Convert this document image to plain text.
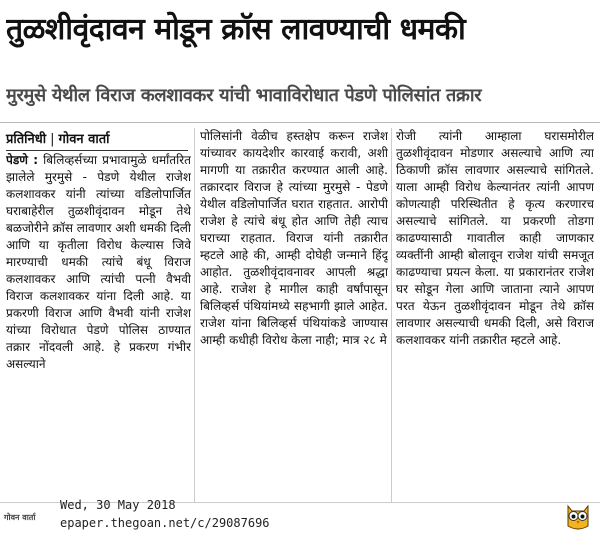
तुळशीवृंदावन मोडून क्रॉस लावण्याची धमकी
मुरमुसे येथील विराज कलशावकर यांची भावाविरोधात पेडणे पोलिसांत तक्रार
प्रतिनिधी | गोवन वार्ता

पेडणे : बिलिव्हर्सच्या प्रभावामुळे धर्मांतरित झालेले मुरमुसे - पेडणे येथील राजेश कलशावकर यांनी त्यांच्या वडिलोपार्जित घराबाहेरील तुळशीवृंदावन मोडून तेथे बळजोरीने क्रॉस लावणार अशी धमकी दिली आणि या कृतीला विरोध केल्यास जिवे मारण्याची धमकी त्यांचे बंधू विराज कलशावकर आणि त्यांची पत्नी वैभवी विराज कलशावकर यांना दिली आहे. या प्रकरणी विराज आणि वैभवी यांनी राजेश यांच्या विरोधात पेडणे पोलिस ठाण्यात तक्रार नोंदवली आहे. हे प्रकरण गंभीर असल्याने

पोलिसांनी वेळीच हस्तक्षेप करून राजेश यांच्यावर कायदेशीर कारवाई करावी, अशी मागणी या तक्रारीत करण्यात आली आहे. तक्रारदार विराज हे त्यांच्या मुरमुसे - पेडणे येथील वडिलोपार्जित घरात राहतात. आरोपी राजेश हे त्यांचे बंधू होत आणि तेही त्याच घराच्या राहतात. विराज यांनी तक्रारीत म्हटले आहे की, आम्ही दोघेही जन्माने हिंदू आहोत. तुळशीवृंदावनावर आपली श्रद्धा आहे. राजेश हे मागील काही वर्षांपासून बिलिव्हर्स पंथियांमध्ये सहभागी झाले आहेत. राजेश यांना बिलिव्हर्स पंथियांकडे जाण्यास आम्ही कधीही विरोध केला नाही; मात्र २८ मे

रोजी त्यांनी आम्हाला घरासमोरील तुळशीवृंदावन मोडणार असल्याचे आणि त्या ठिकाणी क्रॉस लावणार असल्याचे सांगितले. याला आम्ही विरोध केल्यानंतर त्यांनी आपण कोणत्याही परिस्थितीत हे कृत्य करणारच असल्याचे सांगितले. या प्रकरणी तोडगा काढण्यासाठी गावातील काही जाणकार व्यक्तींनी आम्ही बोलावून राजेश यांची समजूत काढण्याचा प्रयत्न केला. या प्रकारानंतर राजेश घर सोडून गेला आणि जाताना त्याने आपण परत येऊन तुळशीवृंदावन मोडून तेथे क्रॉस लावणार असल्याची धमकी दिली, असे विराज कलशावकर यांनी तक्रारीत म्हटले आहे.

गोवन वार्ता
Wed, 30 May 2018
epaper.thegoan.net/c/29087696
